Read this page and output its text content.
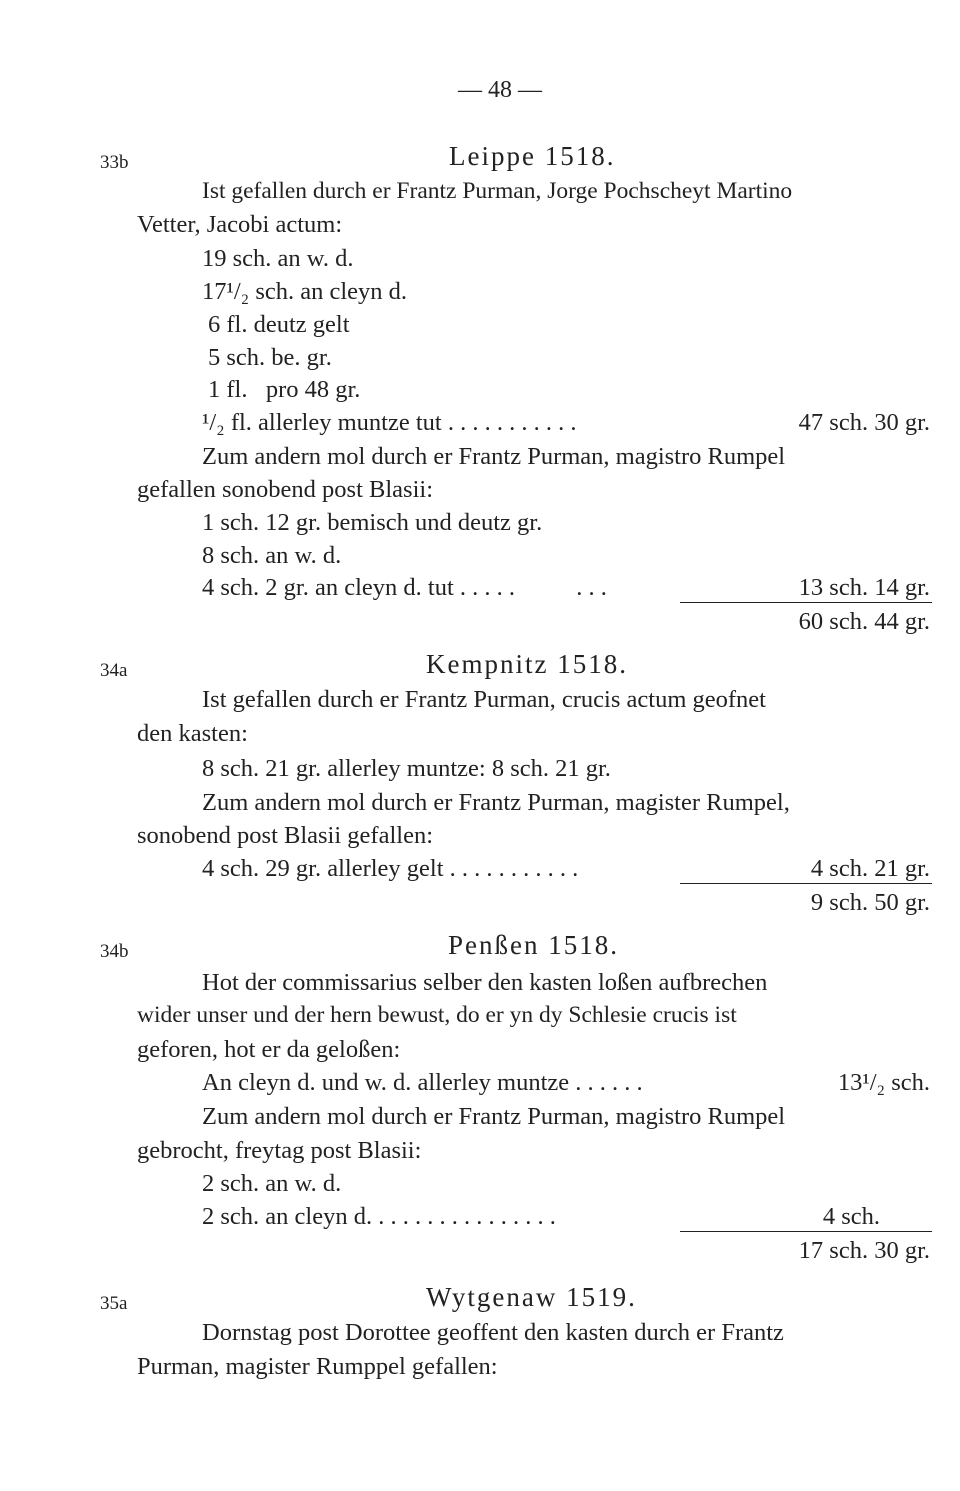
— 48 —
33b	Leippe 1518.
Ist gefallen durch er Frantz Purman, Jorge Pochscheyt Martino
Vetter, Jacobi actum:
19 sch. an w. d.
17¹/₂ sch. an cleyn d.
6 fl. deutz gelt
5 sch. be. gr.
1 fl.   pro 48 gr.
¹/₂ fl. allerley muntze tut . . . . . . . . . . .	47 sch. 30 gr.
Zum andern mol durch er Frantz Purman, magistro Rumpel
gefallen sonobend post Blasii:
1 sch. 12 gr. bemisch und deutz gr.
8 sch. an w. d.
4 sch. 2 gr. an cleyn d. tut . . . . .          . . .	13 sch. 14 gr.
60 sch. 44 gr.
34a	Kempnitz 1518.
Ist gefallen durch er Frantz Purman, crucis actum geofnet
den kasten:
8 sch. 21 gr. allerley muntze: 8 sch. 21 gr.
Zum andern mol durch er Frantz Purman, magister Rumpel,
sonobend post Blasii gefallen:
4 sch. 29 gr. allerley gelt . . . . . . . . . . .	4 sch. 21 gr.
9 sch. 50 gr.
34b	Penßen 1518.
Hot der commissarius selber den kasten loßen aufbrechen
wider unser und der hern bewust, do er yn dy Schlesie crucis ist
geforen, hot er da geloßen:
An cleyn d. und w. d. allerley muntze . . . . . .	13¹/₂ sch.
Zum andern mol durch er Frantz Purman, magistro Rumpel
gebrocht, freytag post Blasii:
2 sch. an w. d.
2 sch. an cleyn d. . . . . . . . . . . . . . . .	4 sch.
17 sch. 30 gr.
35a	Wytgenaw 1519.
Dornstag post Dorottee geoffent den kasten durch er Frantz
Purman, magister Rumppel gefallen:
